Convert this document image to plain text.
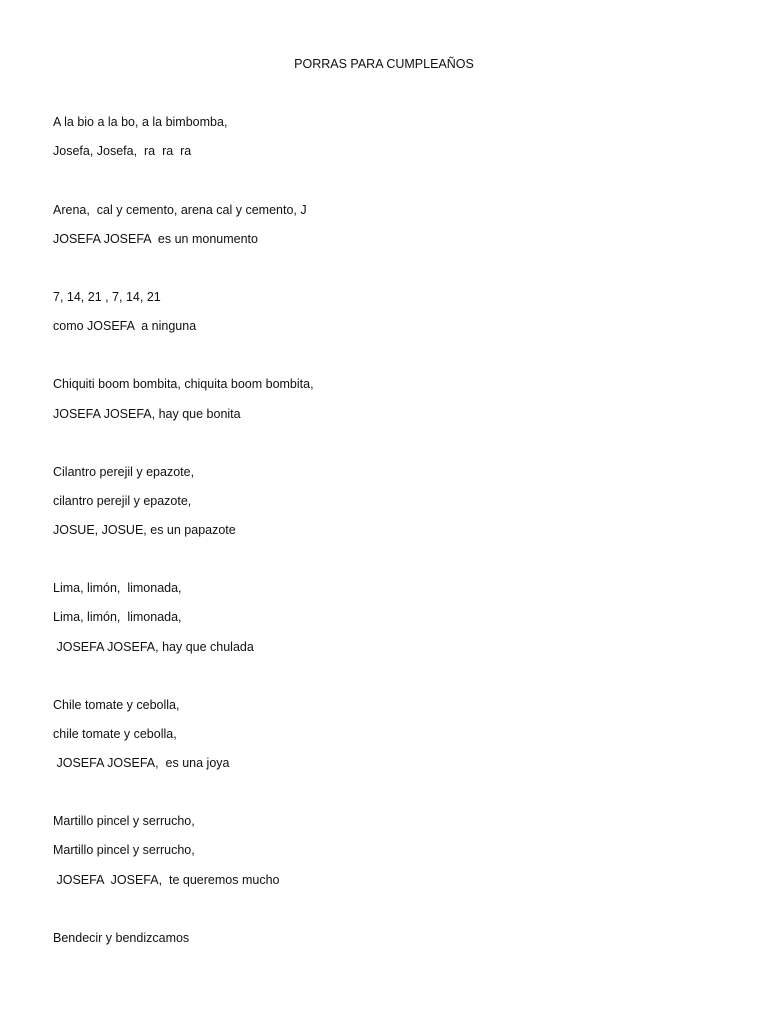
PORRAS PARA CUMPLEAÑOS
A la bio a la bo, a la bimbomba,
Josefa, Josefa,  ra  ra  ra
Arena,  cal y cemento, arena cal y cemento, J
JOSEFA JOSEFA  es un monumento
7, 14, 21 , 7, 14, 21
como JOSEFA  a ninguna
Chiquiti boom bombita, chiquita boom bombita,
JOSEFA JOSEFA, hay que bonita
Cilantro perejil y epazote,
cilantro perejil y epazote,
JOSUE, JOSUE, es un papazote
Lima, limón,  limonada,
Lima, limón,  limonada,
JOSEFA JOSEFA, hay que chulada
Chile tomate y cebolla,
chile tomate y cebolla,
JOSEFA JOSEFA,  es una joya
Martillo pincel y serrucho,
Martillo pincel y serrucho,
JOSEFA  JOSEFA,  te queremos mucho
Bendecir y bendizcamos
